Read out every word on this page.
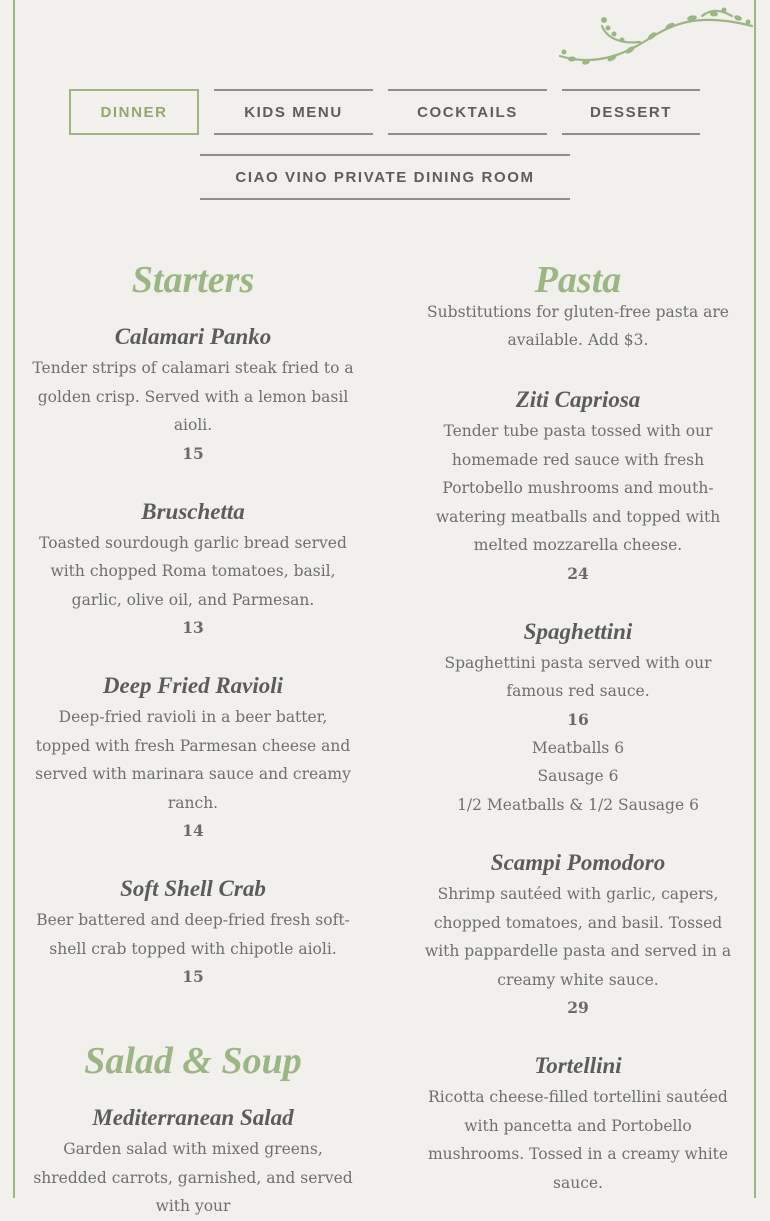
DINNER	KIDS MENU	COCKTAILS	DESSERT
CIAO VINO PRIVATE DINING ROOM
Starters

Calamari Panko

Tender strips of calamari steak fried to a golden crisp. Served with a lemon basil aioli.

15

Bruschetta

Toasted sourdough garlic bread served with chopped Roma tomatoes, basil, garlic, olive oil, and Parmesan.

13

Deep Fried Ravioli

Deep-fried ravioli in a beer batter, topped with fresh Parmesan cheese and served with marinara sauce and creamy ranch.

14

Soft Shell Crab

Beer battered and deep-fried fresh soft-shell crab topped with chipotle aioli.

15

Salad & Soup

Mediterranean Salad

Garden salad with mixed greens, shredded carrots, garnished, and served with your

Pasta

Substitutions for gluten-free pasta are available. Add $3.

Ziti Capriosa

Tender tube pasta tossed with our homemade red sauce with fresh Portobello mushrooms and mouth-watering meatballs and topped with melted mozzarella cheese.

24

Spaghettini

Spaghettini pasta served with our famous red sauce.

16

Meatballs 6

Sausage 6

1/2 Meatballs & 1/2 Sausage 6

Scampi Pomodoro

Shrimp sautéed with garlic, capers, chopped tomatoes, and basil. Tossed with pappardelle pasta and served in a creamy white sauce.

29

Tortellini

Ricotta cheese-filled tortellini sautéed with pancetta and Portobello mushrooms. Tossed in a creamy white sauce.
